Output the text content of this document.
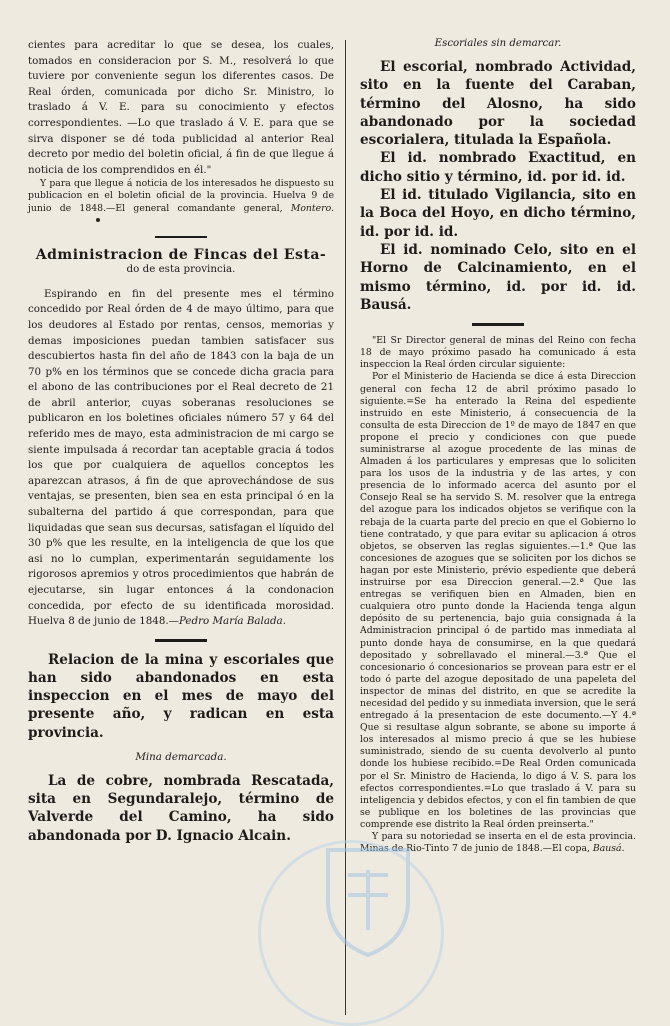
cientes para acreditar lo que se desea, los cuales, tomados en consideracion por S. M., resolverá lo que tuviere por conveniente segun los diferentes casos. De Real órden, comunicada por dicho Sr. Ministro, lo traslado á V. E. para su conocimiento y efectos correspondientes. —Lo que traslado á V. E. para que se sirva disponer se dé toda publicidad al anterior Real decreto por medio del boletin oficial, á fin de que llegue á noticia de los comprendidos en él."

Y para que llegue á noticia de los interesados he dispuesto su publicacion en el boletin oficial de la provincia. Huelva 9 de junio de 1848.—El general comandante general, Montero.

Administracion de Fincas del Esta-

do de esta provincia.

Espirando en fin del presente mes el término concedido por Real órden de 4 de mayo último, para que los deudores al Estado por rentas, censos, memorias y demas imposiciones puedan tambien satisfacer sus descubiertos hasta fin del año de 1843 con la baja de un 70 p% en los términos que se concede dicha gracia para el abono de las contribuciones por el Real decreto de 21 de abril anterior, cuyas soberanas resoluciones se publicaron en los boletines oficiales número 57 y 64 del referido mes de mayo, esta administracion de mi cargo se siente impulsada á recordar tan aceptable gracia á todos los que por cualquiera de aquellos conceptos les aparezcan atrasos, á fin de que aprovechándose de sus ventajas, se presenten, bien sea en esta principal ó en la subalterna del partido á que correspondan, para que liquidadas que sean sus decursas, satisfagan el líquido del 30 p% que les resulte, en la inteligencia de que los que asi no lo cumplan, experimentarán seguidamente los rigorosos apremios y otros procedimientos que habrán de ejecutarse, sin lugar entonces á la condonacion concedida, por efecto de su identificada morosidad. Huelva 8 de junio de 1848.—Pedro María Balada.

Relacion de la mina y escoriales que han sido abandonados en esta inspeccion en el mes de mayo del presente año, y radican en esta provincia.

Mina demarcada.

La de cobre, nombrada Rescatada, sita en Segundaralejo, término de Valverde del Camino, ha sido abandonada por D. Ignacio Alcain.

Escoriales sin demarcar.

El escorial, nombrado Actividad, sito en la fuente del Caraban, término del Alosno, ha sido abandonado por la sociedad escorialera, titulada la Española.

El id. nombrado Exactitud, en dicho sitio y término, id. por id. id.

El id. titulado Vigilancia, sito en la Boca del Hoyo, en dicho término, id. por id. id.

El id. nominado Celo, sito en el Horno de Calcinamiento, en el mismo término, id. por id. id. Bausá.

"El Sr Director general de minas del Reino con fecha 18 de mayo próximo pasado ha comunicado á esta inspeccion la Real órden circular siguiente:

Por el Ministerio de Hacienda se dice á esta Direccion general con fecha 12 de abril próximo pasado lo siguiente.=Se ha enterado la Reina del espediente instruido en este Ministerio, á consecuencia de la consulta de esta Direccion de 1º de mayo de 1847 en que propone el precio y condiciones con que puede suministrarse al azogue procedente de las minas de Almaden á los particulares y empresas que lo soliciten para los usos de la industria y de las artes, y con presencia de lo informado acerca del asunto por el Consejo Real se ha servido S. M. resolver que la entrega del azogue para los indicados objetos se verifique con la rebaja de la cuarta parte del precio en que el Gobierno lo tiene contratado, y que para evitar su aplicacion á otros objetos, se observen las reglas siguientes.—1.ª Que las concesiones de azogues que se soliciten por los dichos se hagan por este Ministerio, prévio espediente que deberá instruirse por esa Direccion general.—2.ª Que las entregas se verifiquen bien en Almaden, bien en cualquiera otro punto donde la Hacienda tenga algun depósito de su pertenencia, bajo guia consignada á la Administracion principal ó de partido mas inmediata al punto donde haya de consumirse, en la que quedará depositado y sobrellavado el mineral.—3.ª Que el concesionario ó concesionarios se provean para estr er el todo ó parte del azogue depositado de una papeleta del inspector de minas del distrito, en que se acredite la necesidad del pedido y su inmediata inversion, que le será entregado á la presentacion de este documento.—Y 4.ª Que si resultase algun sobrante, se abone su importe á los interesados al mismo precio á que se les hubiese suministrado, siendo de su cuenta devolverlo al punto donde los hubiese recibido.=De Real Orden comunicada por el Sr. Ministro de Hacienda, lo digo á V. S. para los efectos correspondientes.=Lo que traslado á V. para su inteligencia y debidos efectos, y con el fin tambien de que se publique en los boletines de las provincias que comprende ese distrito la Real órden preinserta."

Y para su notoriedad se inserta en el de esta provincia. Minas de Rio-Tinto 7 de junio de 1848.—El copa, Bausá.
